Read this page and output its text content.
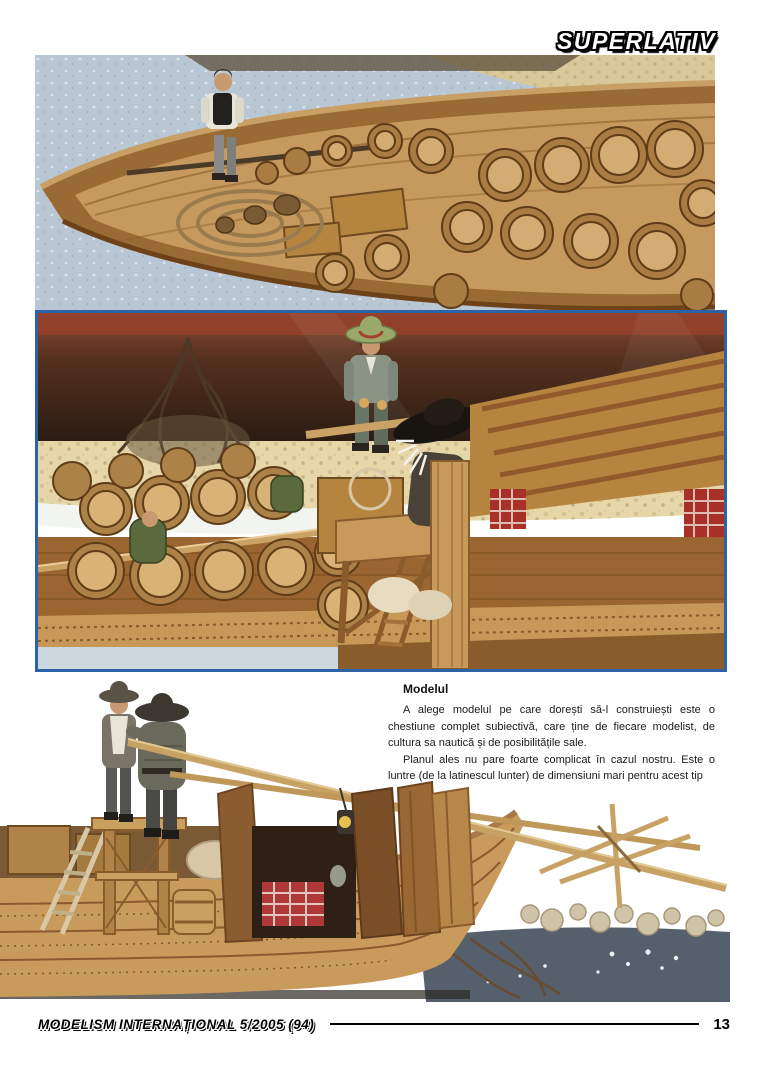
SUPERLATIV
Modelul

A alege modelul pe care dorești să-l construiești este o chestiune complet subiectivă, care ține de fiecare modelist, de cultura sa nautică și de posibilitățile sale.

Planul ales nu pare foarte complicat în cazul nostru. Este o luntre (de la latinescul lunter) de dimensiuni mari pentru acest tip

MODELISM INTERNAȚIONAL 5/2005 (94)	13
